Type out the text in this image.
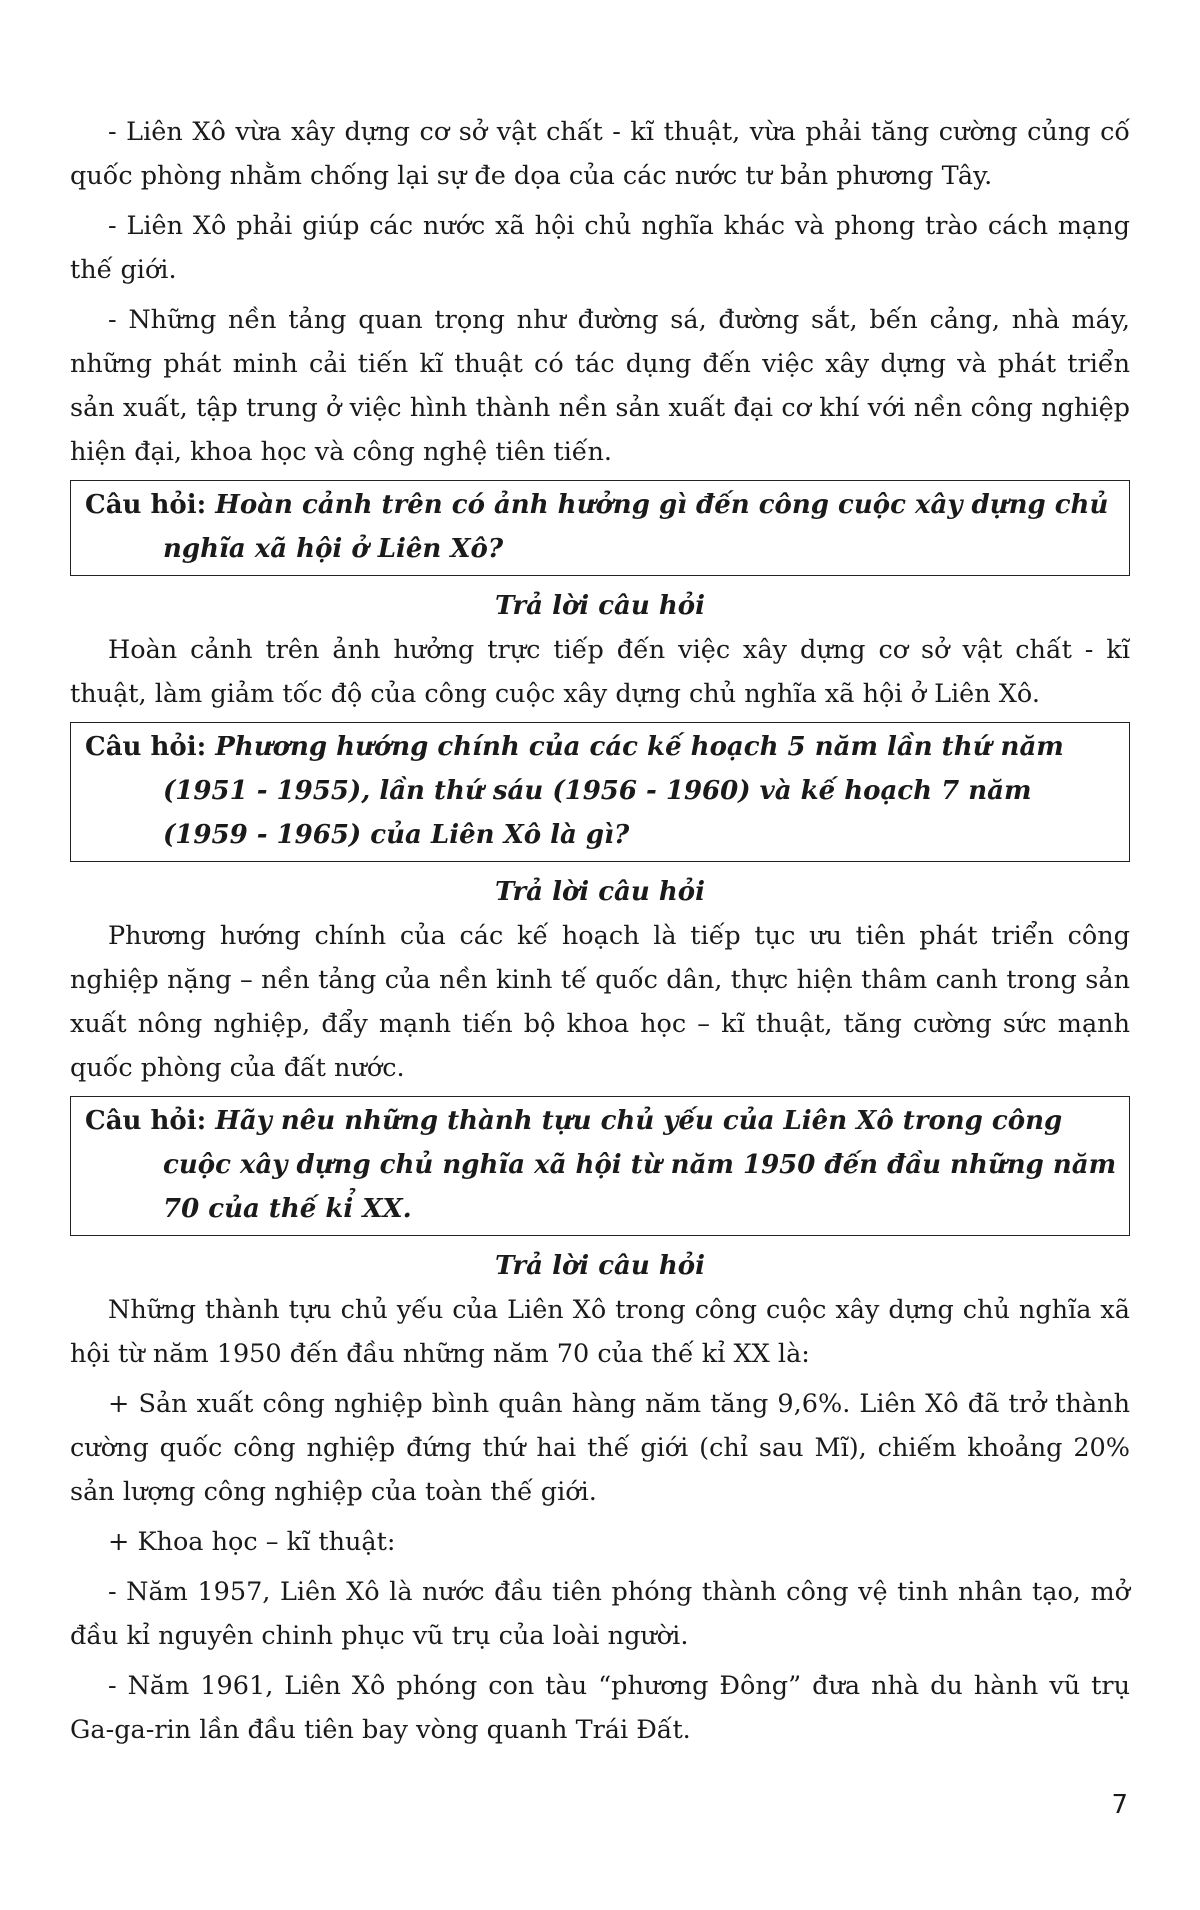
- Liên Xô vừa xây dựng cơ sở vật chất - kĩ thuật, vừa phải tăng cường củng cố quốc phòng nhằm chống lại sự đe dọa của các nước tư bản phương Tây.

- Liên Xô phải giúp các nước xã hội chủ nghĩa khác và phong trào cách mạng thế giới.

- Những nền tảng quan trọng như đường sá, đường sắt, bến cảng, nhà máy, những phát minh cải tiến kĩ thuật có tác dụng đến việc xây dựng và phát triển sản xuất, tập trung ở việc hình thành nền sản xuất đại cơ khí với nền công nghiệp hiện đại, khoa học và công nghệ tiên tiến.

Câu hỏi: Hoàn cảnh trên có ảnh hưởng gì đến công cuộc xây dựng chủ nghĩa xã hội ở Liên Xô?
Trả lời câu hỏi

Hoàn cảnh trên ảnh hưởng trực tiếp đến việc xây dựng cơ sở vật chất - kĩ thuật, làm giảm tốc độ của công cuộc xây dựng chủ nghĩa xã hội ở Liên Xô.

Câu hỏi: Phương hướng chính của các kế hoạch 5 năm lần thứ năm (1951 - 1955), lần thứ sáu (1956 - 1960) và kế hoạch 7 năm (1959 - 1965) của Liên Xô là gì?
Trả lời câu hỏi

Phương hướng chính của các kế hoạch là tiếp tục ưu tiên phát triển công nghiệp nặng – nền tảng của nền kinh tế quốc dân, thực hiện thâm canh trong sản xuất nông nghiệp, đẩy mạnh tiến bộ khoa học – kĩ thuật, tăng cường sức mạnh quốc phòng của đất nước.

Câu hỏi: Hãy nêu những thành tựu chủ yếu của Liên Xô trong công cuộc xây dựng chủ nghĩa xã hội từ năm 1950 đến đầu những năm 70 của thế kỉ XX.
Trả lời câu hỏi

Những thành tựu chủ yếu của Liên Xô trong công cuộc xây dựng chủ nghĩa xã hội từ năm 1950 đến đầu những năm 70 của thế kỉ XX là:

+ Sản xuất công nghiệp bình quân hàng năm tăng 9,6%. Liên Xô đã trở thành cường quốc công nghiệp đứng thứ hai thế giới (chỉ sau Mĩ), chiếm khoảng 20% sản lượng công nghiệp của toàn thế giới.

+ Khoa học – kĩ thuật:

- Năm 1957, Liên Xô là nước đầu tiên phóng thành công vệ tinh nhân tạo, mở đầu kỉ nguyên chinh phục vũ trụ của loài người.

- Năm 1961, Liên Xô phóng con tàu “phương Đông” đưa nhà du hành vũ trụ Ga-ga-rin lần đầu tiên bay vòng quanh Trái Đất.

7
